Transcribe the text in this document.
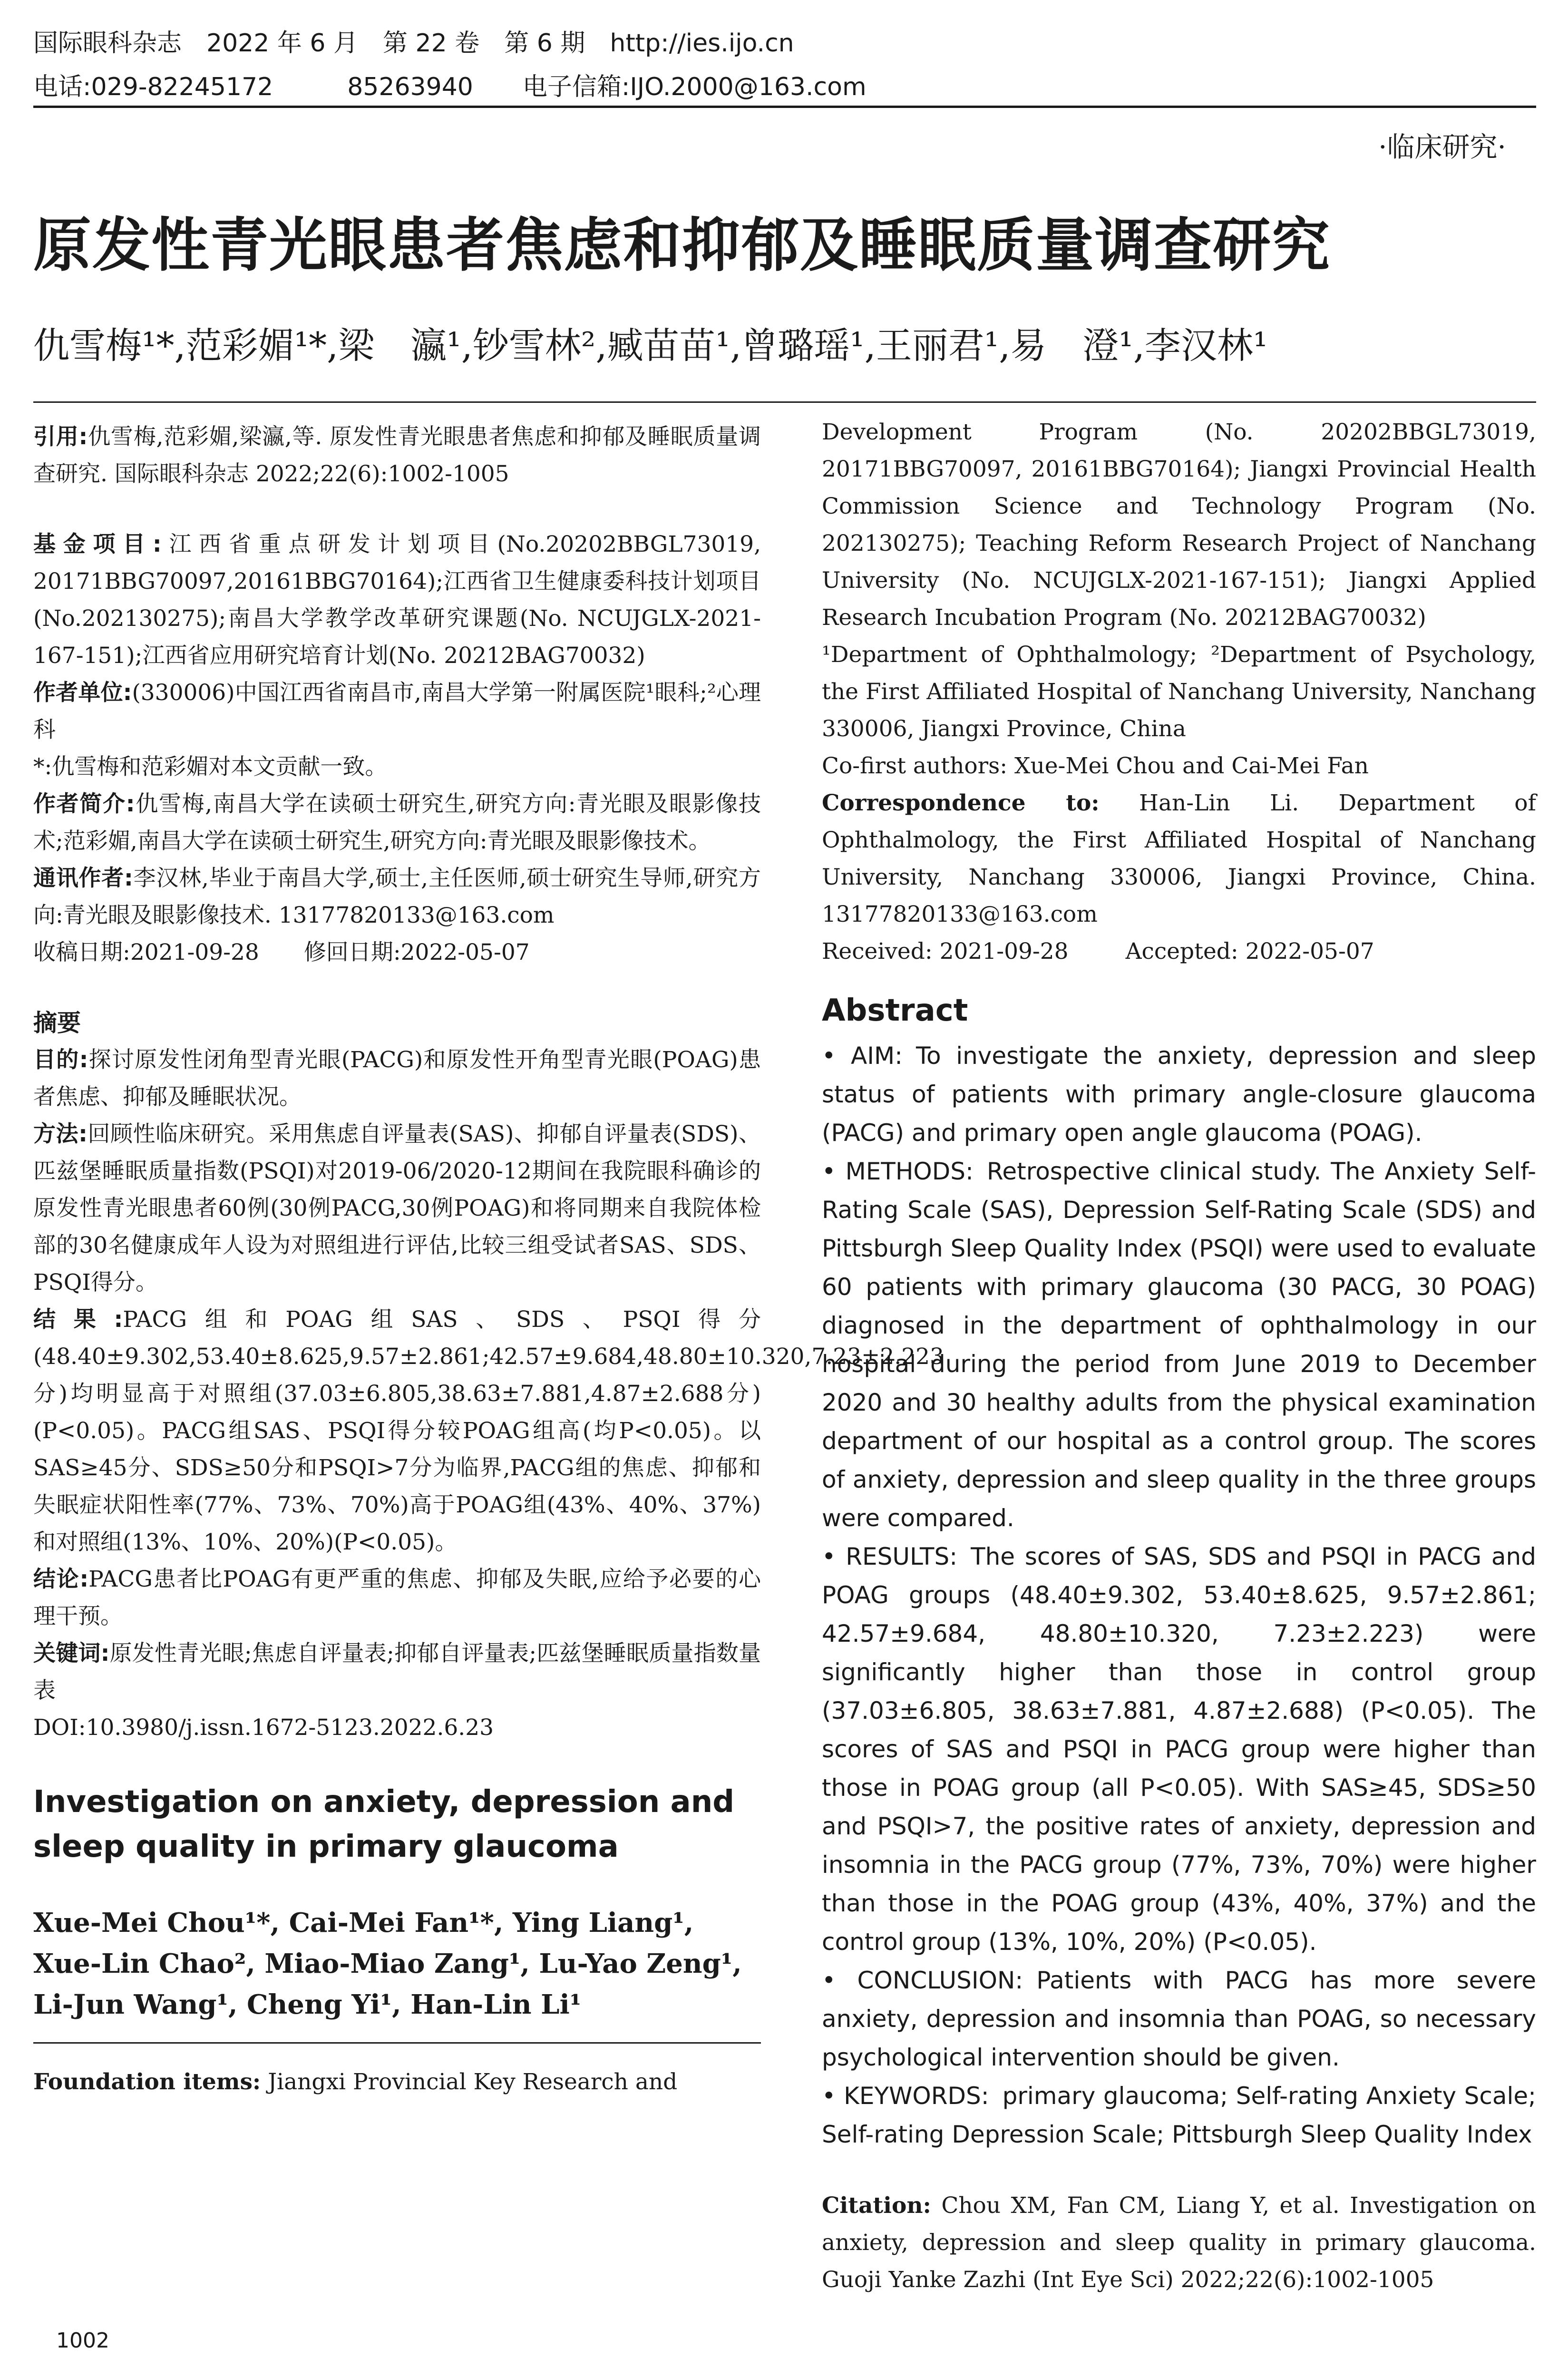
国际眼科杂志　2022 年 6 月　第 22 卷　第 6 期　http://ies.ijo.cn
电话:029-82245172　　　85263940　　电子信箱:IJO.2000@163.com
·临床研究·
原发性青光眼患者焦虑和抑郁及睡眠质量调查研究
仇雪梅¹*,范彩媚¹*,梁　瀛¹,钞雪林²,臧苗苗¹,曾璐瑶¹,王丽君¹,易　澄¹,李汉林¹

引用:仇雪梅,范彩媚,梁瀛,等. 原发性青光眼患者焦虑和抑郁及睡眠质量调查研究. 国际眼科杂志 2022;22(6):1002-1005

基金项目:江西省重点研发计划项目(No.20202BBGL73019, 20171BBG70097,20161BBG70164);江西省卫生健康委科技计划项目(No.202130275);南昌大学教学改革研究课题(No. NCUJGLX-2021-167-151);江西省应用研究培育计划(No. 20212BAG70032)

作者单位:(330006)中国江西省南昌市,南昌大学第一附属医院¹眼科;²心理科

*:仇雪梅和范彩媚对本文贡献一致。

作者简介:仇雪梅,南昌大学在读硕士研究生,研究方向:青光眼及眼影像技术;范彩媚,南昌大学在读硕士研究生,研究方向:青光眼及眼影像技术。

通讯作者:李汉林,毕业于南昌大学,硕士,主任医师,硕士研究生导师,研究方向:青光眼及眼影像技术. 13177820133@163.com

收稿日期:2021-09-28　　修回日期:2022-05-07

摘要

目的:探讨原发性闭角型青光眼(PACG)和原发性开角型青光眼(POAG)患者焦虑、抑郁及睡眠状况。

方法:回顾性临床研究。采用焦虑自评量表(SAS)、抑郁自评量表(SDS)、匹兹堡睡眠质量指数(PSQI)对2019-06/2020-12期间在我院眼科确诊的原发性青光眼患者60例(30例PACG,30例POAG)和将同期来自我院体检部的30名健康成年人设为对照组进行评估,比较三组受试者SAS、SDS、PSQI得分。

结果:PACG组和POAG组SAS、SDS、PSQI得分(48.40±9.302,53.40±8.625,9.57±2.861;42.57±9.684,48.80±10.320,7.23±2.223分)均明显高于对照组(37.03±6.805,38.63±7.881,4.87±2.688分)(P<0.05)。PACG组SAS、PSQI得分较POAG组高(均P<0.05)。以SAS≥45分、SDS≥50分和PSQI>7分为临界,PACG组的焦虑、抑郁和失眠症状阳性率(77%、73%、70%)高于POAG组(43%、40%、37%)和对照组(13%、10%、20%)(P<0.05)。

结论:PACG患者比POAG有更严重的焦虑、抑郁及失眠,应给予必要的心理干预。

关键词:原发性青光眼;焦虑自评量表;抑郁自评量表;匹兹堡睡眠质量指数量表

DOI:10.3980/j.issn.1672-5123.2022.6.23

Investigation on anxiety, depression and sleep quality in primary glaucoma

Xue-Mei Chou¹*, Cai-Mei Fan¹*, Ying Liang¹, Xue-Lin Chao², Miao-Miao Zang¹, Lu-Yao Zeng¹, Li-Jun Wang¹, Cheng Yi¹, Han-Lin Li¹

Foundation items: Jiangxi Provincial Key Research and

Development Program (No. 20202BBGL73019, 20171BBG70097, 20161BBG70164); Jiangxi Provincial Health Commission Science and Technology Program (No. 202130275); Teaching Reform Research Project of Nanchang University (No. NCUJGLX-2021-167-151); Jiangxi Applied Research Incubation Program (No. 20212BAG70032)

¹Department of Ophthalmology; ²Department of Psychology, the First Affiliated Hospital of Nanchang University, Nanchang 330006, Jiangxi Province, China

Co-first authors: Xue-Mei Chou and Cai-Mei Fan

Correspondence to: Han-Lin Li. Department of Ophthalmology, the First Affiliated Hospital of Nanchang University, Nanchang 330006, Jiangxi Province, China. 13177820133@163.com

Received: 2021-09-28	Accepted: 2022-05-07

Abstract

• AIM: To investigate the anxiety, depression and sleep status of patients with primary angle-closure glaucoma (PACG) and primary open angle glaucoma (POAG).

• METHODS: Retrospective clinical study. The Anxiety Self-Rating Scale (SAS), Depression Self-Rating Scale (SDS) and Pittsburgh Sleep Quality Index (PSQI) were used to evaluate 60 patients with primary glaucoma (30 PACG, 30 POAG) diagnosed in the department of ophthalmology in our hospital during the period from June 2019 to December 2020 and 30 healthy adults from the physical examination department of our hospital as a control group. The scores of anxiety, depression and sleep quality in the three groups were compared.

• RESULTS: The scores of SAS, SDS and PSQI in PACG and POAG groups (48.40±9.302, 53.40±8.625, 9.57±2.861; 42.57±9.684, 48.80±10.320, 7.23±2.223) were significantly higher than those in control group (37.03±6.805, 38.63±7.881, 4.87±2.688) (P<0.05). The scores of SAS and PSQI in PACG group were higher than those in POAG group (all P<0.05). With SAS≥45, SDS≥50 and PSQI>7, the positive rates of anxiety, depression and insomnia in the PACG group (77%, 73%, 70%) were higher than those in the POAG group (43%, 40%, 37%) and the control group (13%, 10%, 20%) (P<0.05).

• CONCLUSION: Patients with PACG has more severe anxiety, depression and insomnia than POAG, so necessary psychological intervention should be given.

• KEYWORDS: primary glaucoma; Self-rating Anxiety Scale; Self-rating Depression Scale; Pittsburgh Sleep Quality Index

Citation: Chou XM, Fan CM, Liang Y, et al. Investigation on anxiety, depression and sleep quality in primary glaucoma. Guoji Yanke Zazhi (Int Eye Sci) 2022;22(6):1002-1005

1002
